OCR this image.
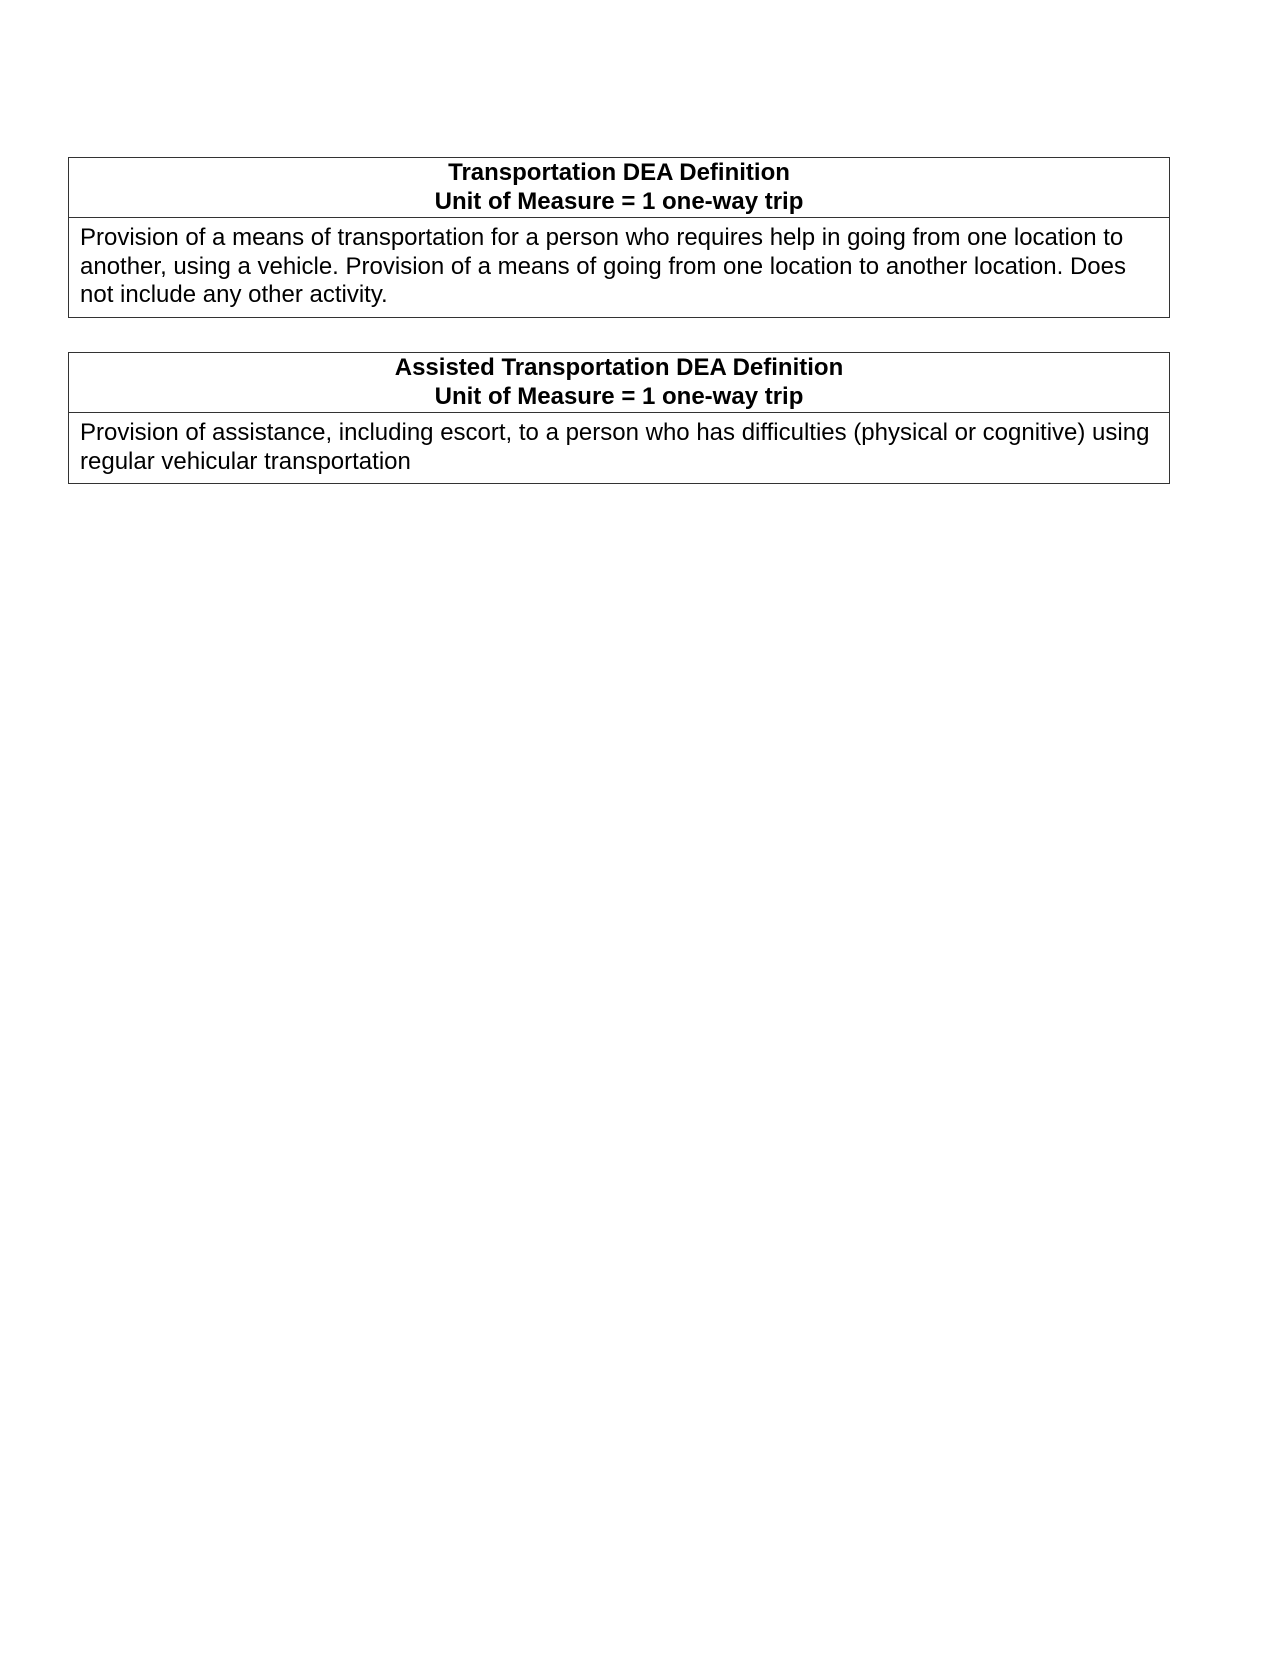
Transportation DEA Definition
Unit of Measure = 1 one-way trip
Provision of a means of transportation for a person who requires help in going from one location to another, using a vehicle. Provision of a means of going from one location to another location. Does not include any other activity.
Assisted Transportation DEA Definition
Unit of Measure = 1 one-way trip
Provision of assistance, including escort, to a person who has difficulties (physical or cognitive) using regular vehicular transportation
